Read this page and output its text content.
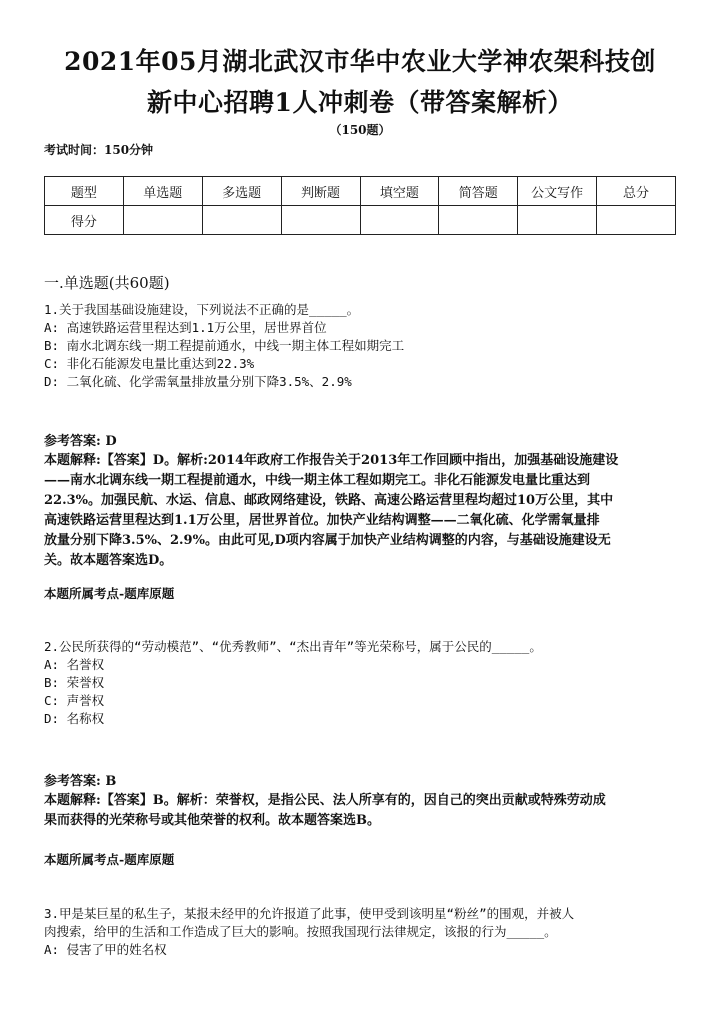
2021年05月湖北武汉市华中农业大学神农架科技创
新中心招聘1人冲刺卷（带答案解析）
（150题）
考试时间：150分钟
题型	单选题	多选题	判断题	填空题	简答题	公文写作	总分
得分							
一.单选题(共60题)
1.关于我国基础设施建设，下列说法不正确的是_____。
A: 高速铁路运营里程达到1.1万公里，居世界首位
B: 南水北调东线一期工程提前通水，中线一期主体工程如期完工
C: 非化石能源发电量比重达到22.3%
D: 二氧化硫、化学需氧量排放量分别下降3.5%、2.9%
参考答案: D
本题解释:【答案】D。解析:2014年政府工作报告关于2013年工作回顾中指出，加强基础设施建设
——南水北调东线一期工程提前通水，中线一期主体工程如期完工。非化石能源发电量比重达到
22.3%。加强民航、水运、信息、邮政网络建设，铁路、高速公路运营里程均超过10万公里，其中
高速铁路运营里程达到1.1万公里，居世界首位。加快产业结构调整——二氧化硫、化学需氧量排
放量分别下降3.5%、2.9%。由此可见,D项内容属于加快产业结构调整的内容，与基础设施建设无
关。故本题答案选D。
本题所属考点-题库原题
2.公民所获得的“劳动模范”、“优秀教师”、“杰出青年”等光荣称号，属于公民的_____。
A: 名誉权
B: 荣誉权
C: 声誉权
D: 名称权
参考答案: B
本题解释:【答案】B。解析：荣誉权，是指公民、法人所享有的，因自己的突出贡献或特殊劳动成
果而获得的光荣称号或其他荣誉的权利。故本题答案选B。
本题所属考点-题库原题
3.甲是某巨星的私生子，某报未经甲的允许报道了此事，使甲受到该明星“粉丝”的围观，并被人
肉搜索，给甲的生活和工作造成了巨大的影响。按照我国现行法律规定，该报的行为_____。
A: 侵害了甲的姓名权
